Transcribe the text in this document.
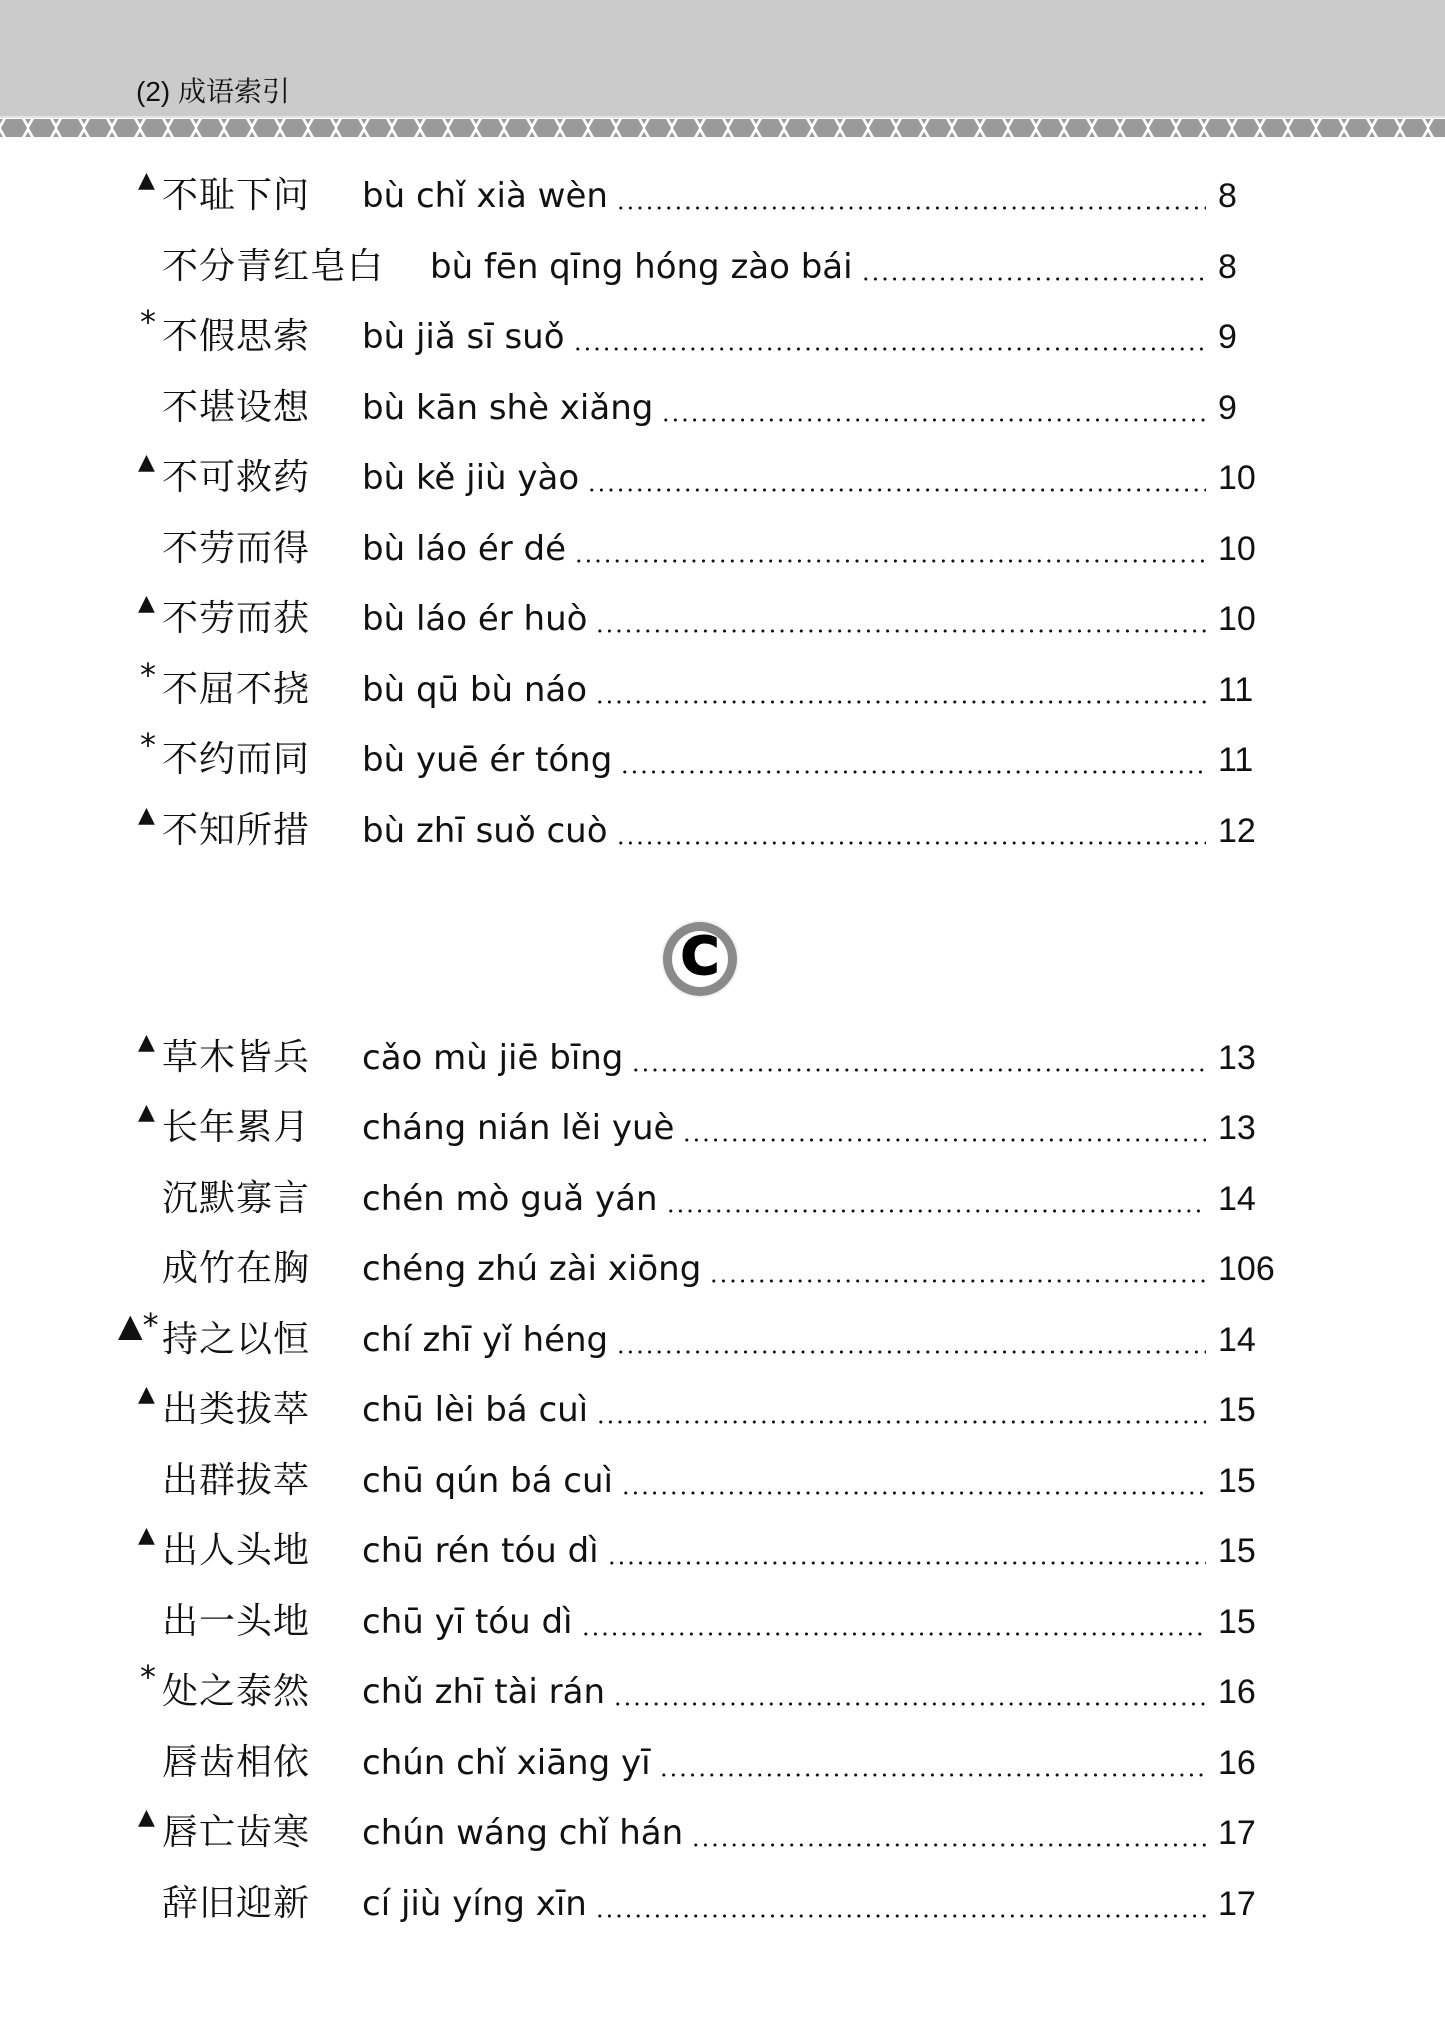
(2) 成语索引
▲ 不耻下问 bù chǐ xià wèn	8
不分青红皂白 bù fēn qīng hóng zào bái	8
* 不假思索 bù jiǎ sī suǒ	9
不堪设想 bù kān shè xiǎng	9
▲ 不可救药 bù kě jiù yào	10
不劳而得 bù láo ér dé	10
▲ 不劳而获 bù láo ér huò	10
* 不屈不挠 bù qū bù náo	11
* 不约而同 bù yuē ér tóng	11
▲ 不知所措 bù zhī suǒ cuò	12
C
▲ 草木皆兵 cǎo mù jiē bīng	13
▲ 长年累月 cháng nián lěi yuè	13
沉默寡言 chén mò guǎ yán	14
成竹在胸 chéng zhú zài xiōng	106
▲* 持之以恒 chí zhī yǐ héng	14
▲ 出类拔萃 chū lèi bá cuì	15
出群拔萃 chū qún bá cuì	15
▲ 出人头地 chū rén tóu dì	15
出一头地 chū yī tóu dì	15
* 处之泰然 chǔ zhī tài rán	16
唇齿相依 chún chǐ xiāng yī	16
▲ 唇亡齿寒 chún wáng chǐ hán	17
辞旧迎新 cí jiù yíng xīn	17
